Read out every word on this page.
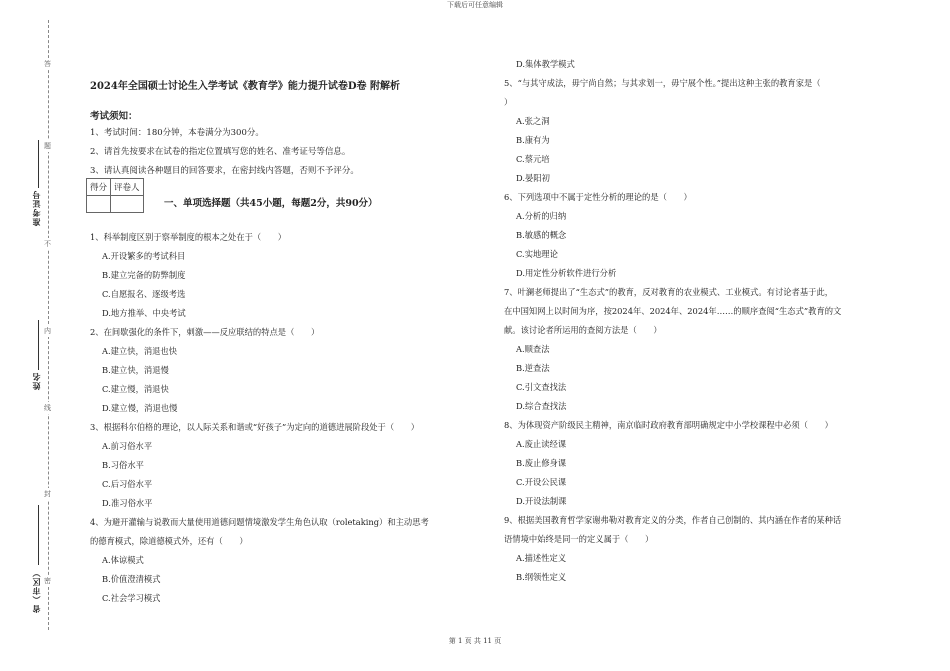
下载后可任意编辑
答
题
不
内
线
封
密
准考证号
姓名
省（市区）
2024年全国硕士讨论生入学考试《教育学》能力提升试卷D卷 附解析
考试须知：
1、考试时间：180分钟，本卷满分为300分。
2、请首先按要求在试卷的指定位置填写您的姓名、准考证号等信息。
3、请认真阅读各种题目的回答要求，在密封线内答题，否则不予评分。
得分	评卷人

一、单项选择题（共45小题，每题2分，共90分）
1、科举制度区别于察举制度的根本之处在于（　　）
A.开设繁多的考试科目
B.建立完备的防弊制度
C.自愿报名、逐级考选
D.地方推举、中央考试
2、在间歇强化的条件下，刺激——反应联结的特点是（　　）
A.建立快，消退也快
B.建立快，消退慢
C.建立慢，消退快
D.建立慢，消退也慢
3、根据科尔伯格的理论，以人际关系和谐或“好孩子”为定向的道德进展阶段处于（　　）
A.前习俗水平
B.习俗水平
C.后习俗水平
D.准习俗水平
4、为避开灌输与说教而大量使用道德问题情境激发学生角色认取（roletaking）和主动思考
的德育模式，除道德模式外，还有（　　）
A.体谅模式
B.价值澄清模式
C.社会学习模式
D.集体教学模式
5、“与其守成法，毋宁尚自然；与其求划一，毋宁展个性。”提出这种主张的教育家是（
）
A.张之洞
B.康有为
C.蔡元培
D.晏阳初
6、下列选项中不属于定性分析的理论的是（　　）
A.分析的归纳
B.敏感的概念
C.实地理论
D.用定性分析软件进行分析
7、叶澜老师提出了“生态式”的教育，反对教育的农业模式、工业模式。有讨论者基于此，
在中国知网上以时间为序，按2024年、2024年、2024年……的顺序查阅“生态式”教育的文
献。该讨论者所运用的查阅方法是（　　）
A.顺查法
B.逆查法
C.引文查找法
D.综合查找法
8、为体现资产阶级民主精神，南京临时政府教育部明确规定中小学校课程中必须（　　）
A.废止读经课
B.废止修身课
C.开设公民课
D.开设法制课
9、根据美国教育哲学家谢弗勒对教育定义的分类，作者自己创制的、其内涵在作者的某种话
语情境中始终是同一的定义属于（　　）
A.描述性定义
B.纲领性定义
第 1 页 共 11 页
